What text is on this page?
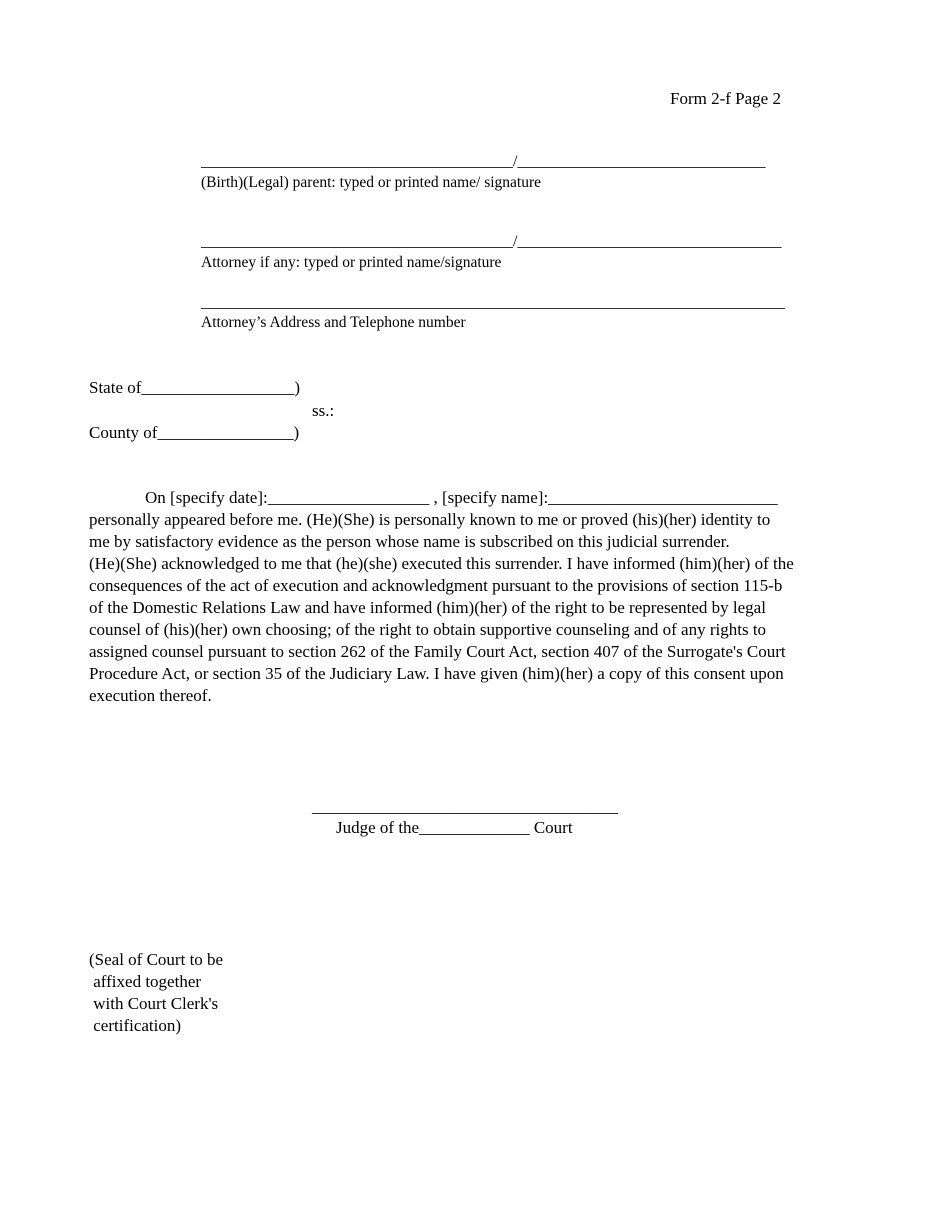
Form 2-f Page 2
_______________________________________/_______________________________
(Birth)(Legal) parent: typed or printed name/ signature
_______________________________________/_________________________________
Attorney if any: typed or printed name/signature
_________________________________________________________________________
Attorney’s Address and Telephone number
State of__________________)
ss.:
County of________________)
On [specify date]:___________________ , [specify name]:___________________________
personally appeared before me. (He)(She) is personally known to me or proved (his)(her) identity to
me by satisfactory evidence as the person whose name is subscribed on this judicial surrender.
(He)(She) acknowledged to me that (he)(she) executed this surrender. I have informed (him)(her) of the
consequences of the act of execution and acknowledgment pursuant to the provisions of section 115-b
of the Domestic Relations Law and have informed (him)(her) of the right to be represented by legal
counsel of (his)(her) own choosing; of the right to obtain supportive counseling and of any rights to
assigned counsel pursuant to section 262 of the Family Court Act, section 407 of the Surrogate's Court
Procedure Act, or section 35 of the Judiciary Law. I have given (him)(her) a copy of this consent upon
execution thereof.
____________________________________
Judge of the_____________ Court
(Seal of Court to be
affixed together
with Court Clerk's
certification)
